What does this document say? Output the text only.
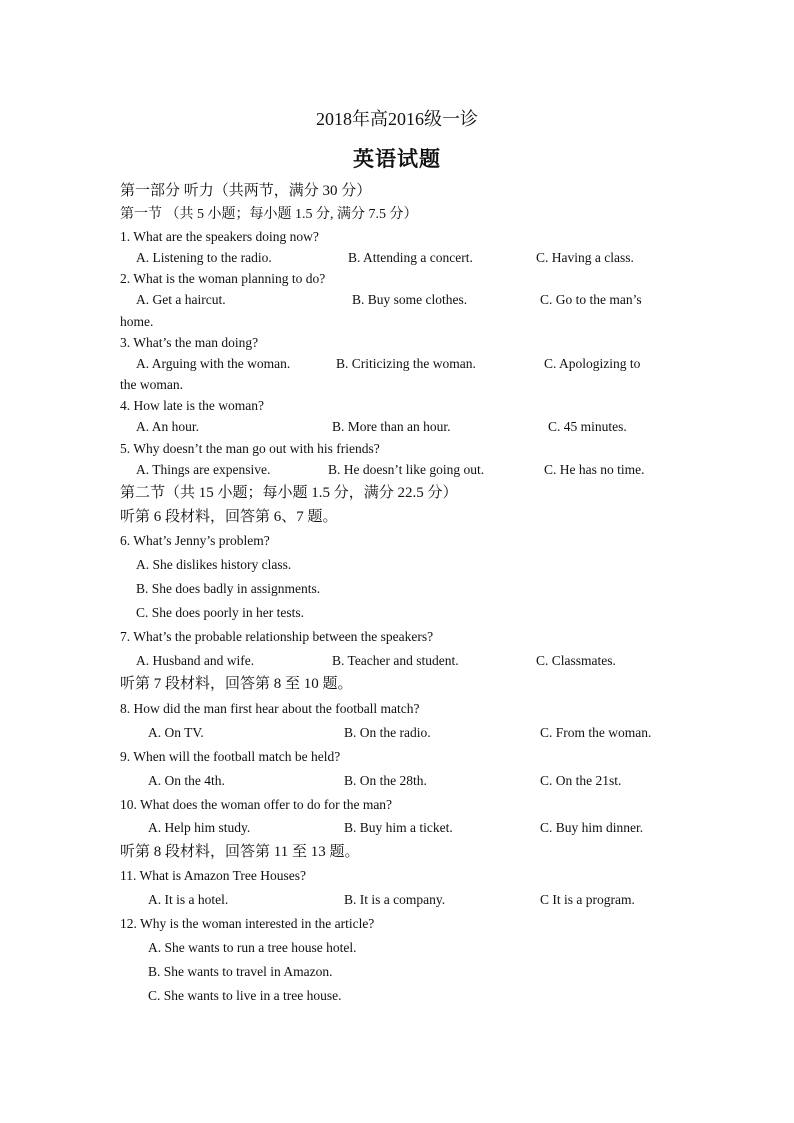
2018年高2016级一诊
英语试题

第一部分 听力（共两节，满分 30 分）

第一节 （共 5 小题；每小题 1.5 分, 满分 7.5 分）

1. What are the speakers doing now?

A. Listening to the radio.	B. Attending a concert.	C. Having a class.

2. What is the woman planning to do?

A. Get a haircut.	B. Buy some clothes.	C. Go to the man’s

home.

3. What’s the man doing?

A. Arguing with the woman.	B. Criticizing the woman.	C. Apologizing to

the woman.

4. How late is the woman?

A. An hour.	B. More than an hour.	C. 45 minutes.

5. Why doesn’t the man go out with his friends?

A. Things are expensive.	B. He doesn’t like going out.	C. He has no time.

第二节（共 15 小题；每小题 1.5 分，满分 22.5 分）

听第 6 段材料，回答第 6、7 题。

6. What’s Jenny’s problem?

A. She dislikes history class.

B. She does badly in assignments.

C. She does poorly in her tests.

7. What’s the probable relationship between the speakers?

A. Husband and wife.	B. Teacher and student.	C. Classmates.

听第 7 段材料，回答第 8 至 10 题。

8. How did the man first hear about the football match?

A. On TV.	B. On the radio.	C. From the woman.

9. When will the football match be held?

A. On the 4th.	B. On the 28th.	C. On the 21st.

10. What does the woman offer to do for the man?

A. Help him study.	B. Buy him a ticket.	C. Buy him dinner.

听第 8 段材料，回答第 11 至 13 题。

11. What is Amazon Tree Houses?

A. It is a hotel.	B. It is a company.	C It is a program.

12. Why is the woman interested in the article?

A. She wants to run a tree house hotel.

B. She wants to travel in Amazon.

C. She wants to live in a tree house.
